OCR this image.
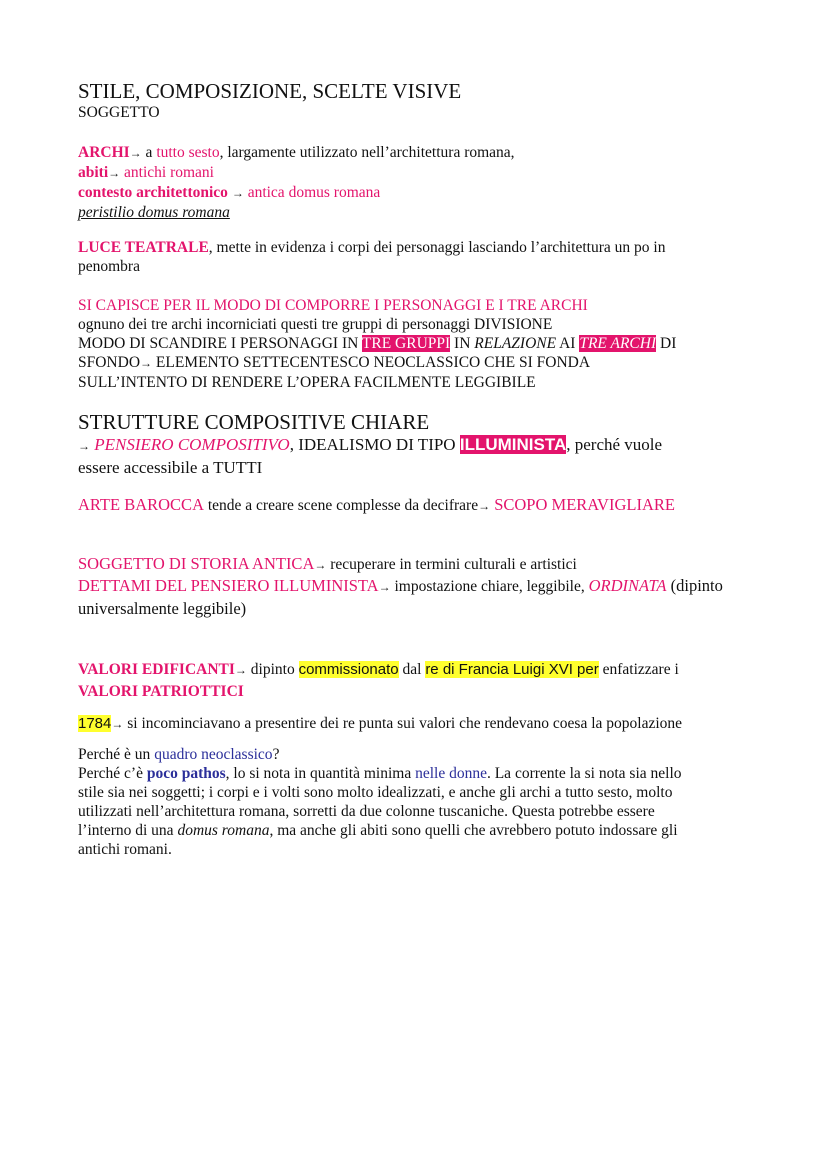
STILE, COMPOSIZIONE, SCELTE VISIVE
SOGGETTO
ARCHI→ a tutto sesto, largamente utilizzato nell’architettura romana,
abiti→ antichi romani
contesto architettonico → antica domus romana
peristilio domus romana
LUCE TEATRALE, mette in evidenza i corpi dei personaggi lasciando l’architettura un po in
penombra
SI CAPISCE PER IL MODO DI COMPORRE I PERSONAGGI E I TRE ARCHI
ognuno dei tre archi incorniciati questi tre gruppi di personaggi DIVISIONE
MODO DI SCANDIRE I PERSONAGGI IN TRE GRUPPI IN RELAZIONE AI TRE ARCHI DI
SFONDO→ ELEMENTO SETTECENTESCO NEOCLASSICO CHE SI FONDA
SULL’INTENTO DI RENDERE L’OPERA FACILMENTE LEGGIBILE
STRUTTURE COMPOSITIVE CHIARE
→ PENSIERO COMPOSITIVO, IDEALISMO DI TIPO ILLUMINISTA, perché vuole
essere accessibile a TUTTI
ARTE BAROCCA tende a creare scene complesse da decifrare→ SCOPO MERAVIGLIARE
SOGGETTO DI STORIA ANTICA→ recuperare in termini culturali e artistici
DETTAMI DEL PENSIERO ILLUMINISTA→ impostazione chiare, leggibile, ORDINATA (dipinto
universalmente leggibile)
VALORI EDIFICANTI→ dipinto commissionato dal re di Francia Luigi XVI per enfatizzare i
VALORI PATRIOTTICI
1784→ si incominciavano a presentire dei re punta sui valori che rendevano coesa la popolazione
Perché è un quadro neoclassico?
Perché c’è poco pathos, lo si nota in quantità minima nelle donne. La corrente la si nota sia nello
stile sia nei soggetti; i corpi e i volti sono molto idealizzati, e anche gli archi a tutto sesto, molto
utilizzati nell’architettura romana, sorretti da due colonne tuscaniche. Questa potrebbe essere
l’interno di una domus romana, ma anche gli abiti sono quelli che avrebbero potuto indossare gli
antichi romani.
